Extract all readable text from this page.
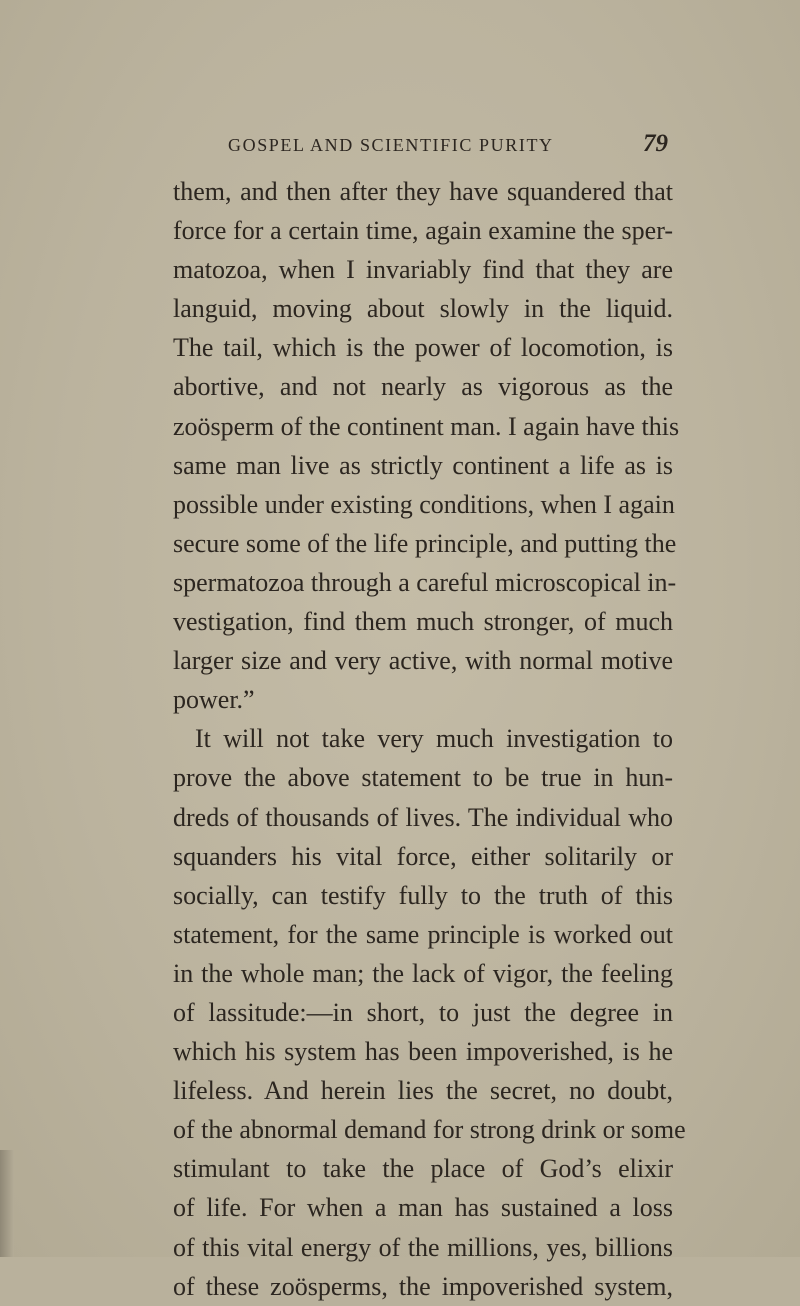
GOSPEL AND SCIENTIFIC PURITY	79
them, and then after they have squandered that
force for a certain time, again examine the sper-
matozoa, when I invariably find that they are
languid, moving about slowly in the liquid.
The tail, which is the power of locomotion, is
abortive, and not nearly as vigorous as the
zoösperm of the continent man. I again have this
same man live as strictly continent a life as is
possible under existing conditions, when I again
secure some of the life principle, and putting the
spermatozoa through a careful microscopical in-
vestigation, find them much stronger, of much
larger size and very active, with normal motive
power.”
It will not take very much investigation to
prove the above statement to be true in hun-
dreds of thousands of lives. The individual who
squanders his vital force, either solitarily or
socially, can testify fully to the truth of this
statement, for the same principle is worked out
in the whole man; the lack of vigor, the feeling
of lassitude:—in short, to just the degree in
which his system has been impoverished, is he
lifeless. And herein lies the secret, no doubt,
of the abnormal demand for strong drink or some
stimulant to take the place of God’s elixir
of life. For when a man has sustained a loss
of this vital energy of the millions, yes, billions
of these zoösperms, the impoverished system,
